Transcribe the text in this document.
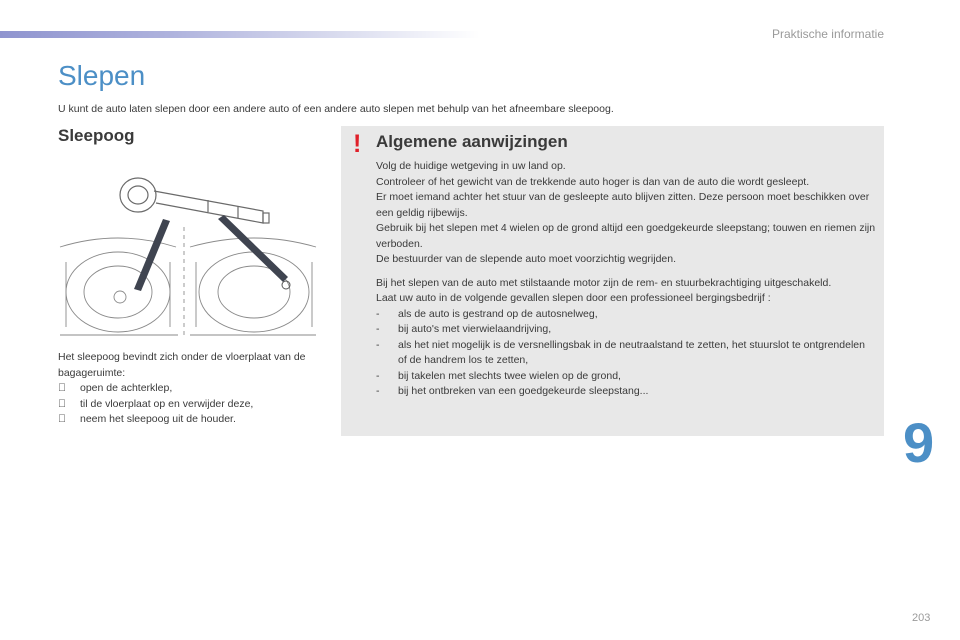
Praktische informatie
Slepen
U kunt de auto laten slepen door een andere auto of een andere auto slepen met behulp van het afneembare sleepoog.
Sleepoog
Het sleepoog bevindt zich onder de vloerplaat van de bagageruimte:
open de achterklep,
til de vloerplaat op en verwijder deze,
neem het sleepoog uit de houder.
! Algemene aanwijzingen

Volg de huidige wetgeving in uw land op.

Controleer of het gewicht van de trekkende auto hoger is dan van de auto die wordt gesleept.

Er moet iemand achter het stuur van de gesleepte auto blijven zitten. Deze persoon moet beschikken over een geldig rijbewijs.

Gebruik bij het slepen met 4 wielen op de grond altijd een goedgekeurde sleepstang; touwen en riemen zijn verboden.

De bestuurder van de slepende auto moet voorzichtig wegrijden.

Bij het slepen van de auto met stilstaande motor zijn de rem- en stuurbekrachtiging uitgeschakeld.

Laat uw auto in de volgende gevallen slepen door een professioneel bergingsbedrijf :

-	als de auto is gestrand op de autosnelweg,
-	bij auto's met vierwielaandrijving,
-	als het niet mogelijk is de versnellingsbak in de neutraalstand te zetten, het stuurslot te ontgrendelen of de handrem los te zetten,
-	bij takelen met slechts twee wielen op de grond,
-	bij het ontbreken van een goedgekeurde sleepstang...
9
203
